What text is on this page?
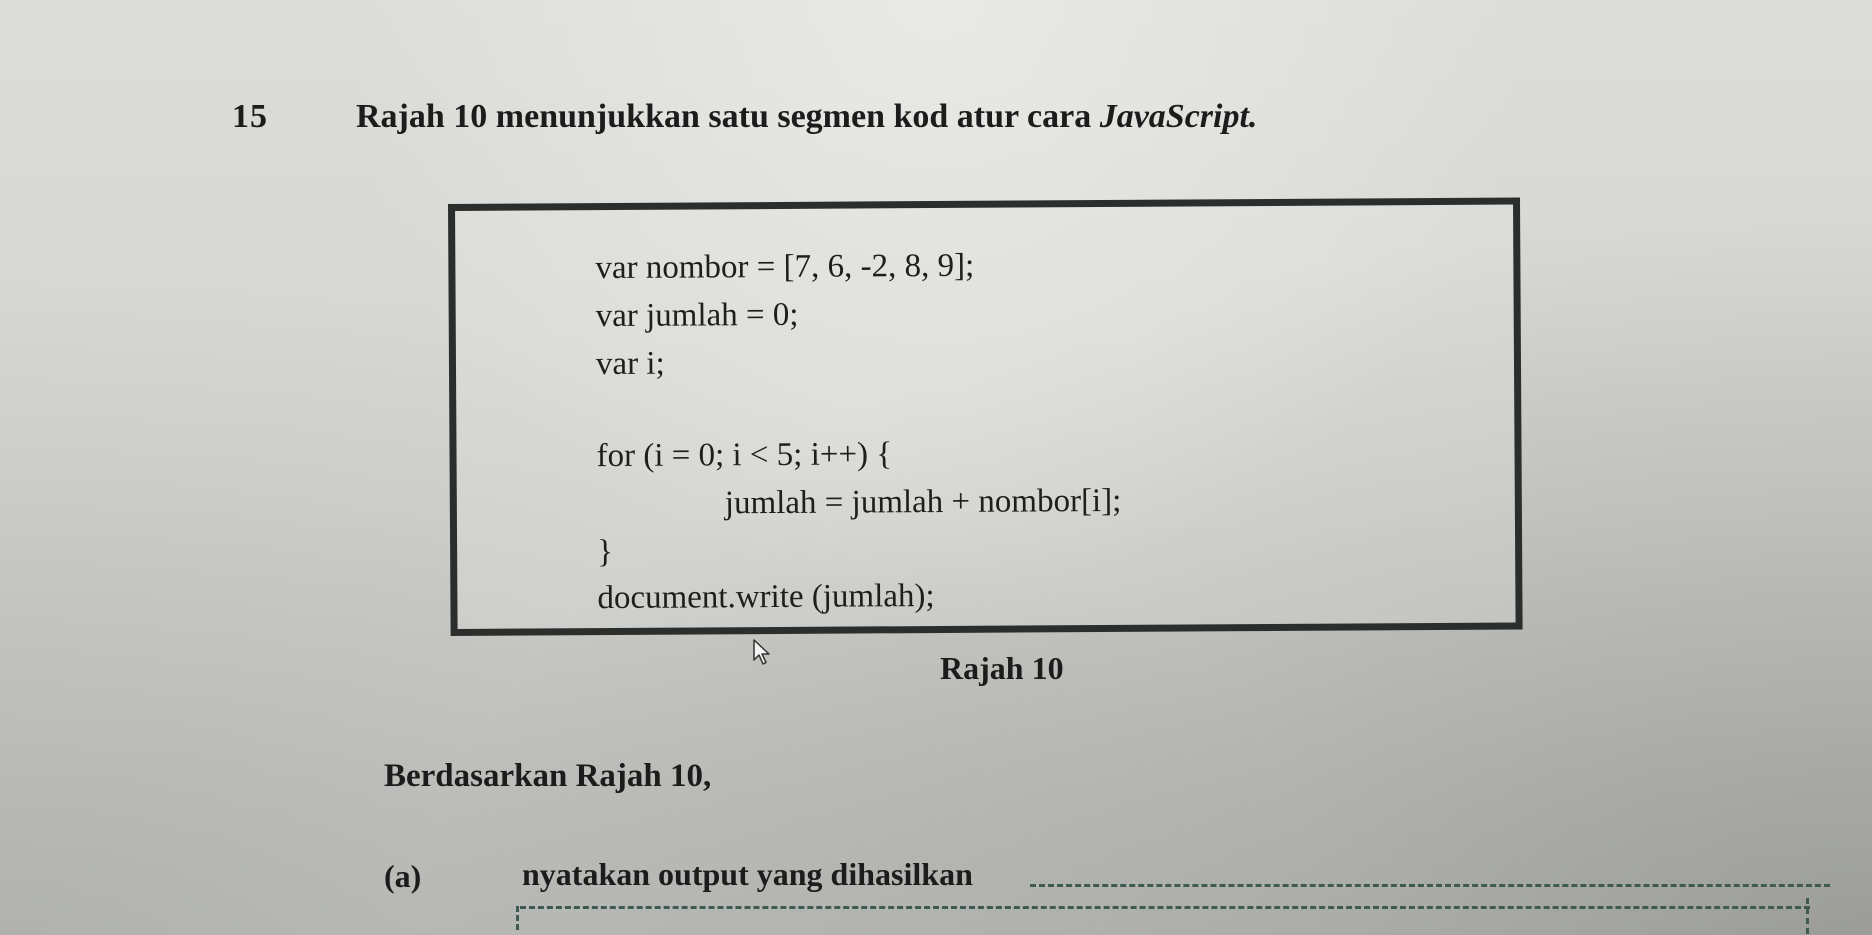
15	Rajah 10 menunjukkan satu segmen kod atur cara JavaScript.
var nombor = [7, 6, -2, 8, 9];
var jumlah = 0;
var i;
for (i = 0; i < 5; i++) {
jumlah = jumlah + nombor[i];
}
document.write (jumlah);
Rajah 10
Berdasarkan Rajah 10,
(a)	nyatakan output yang dihasilkan
